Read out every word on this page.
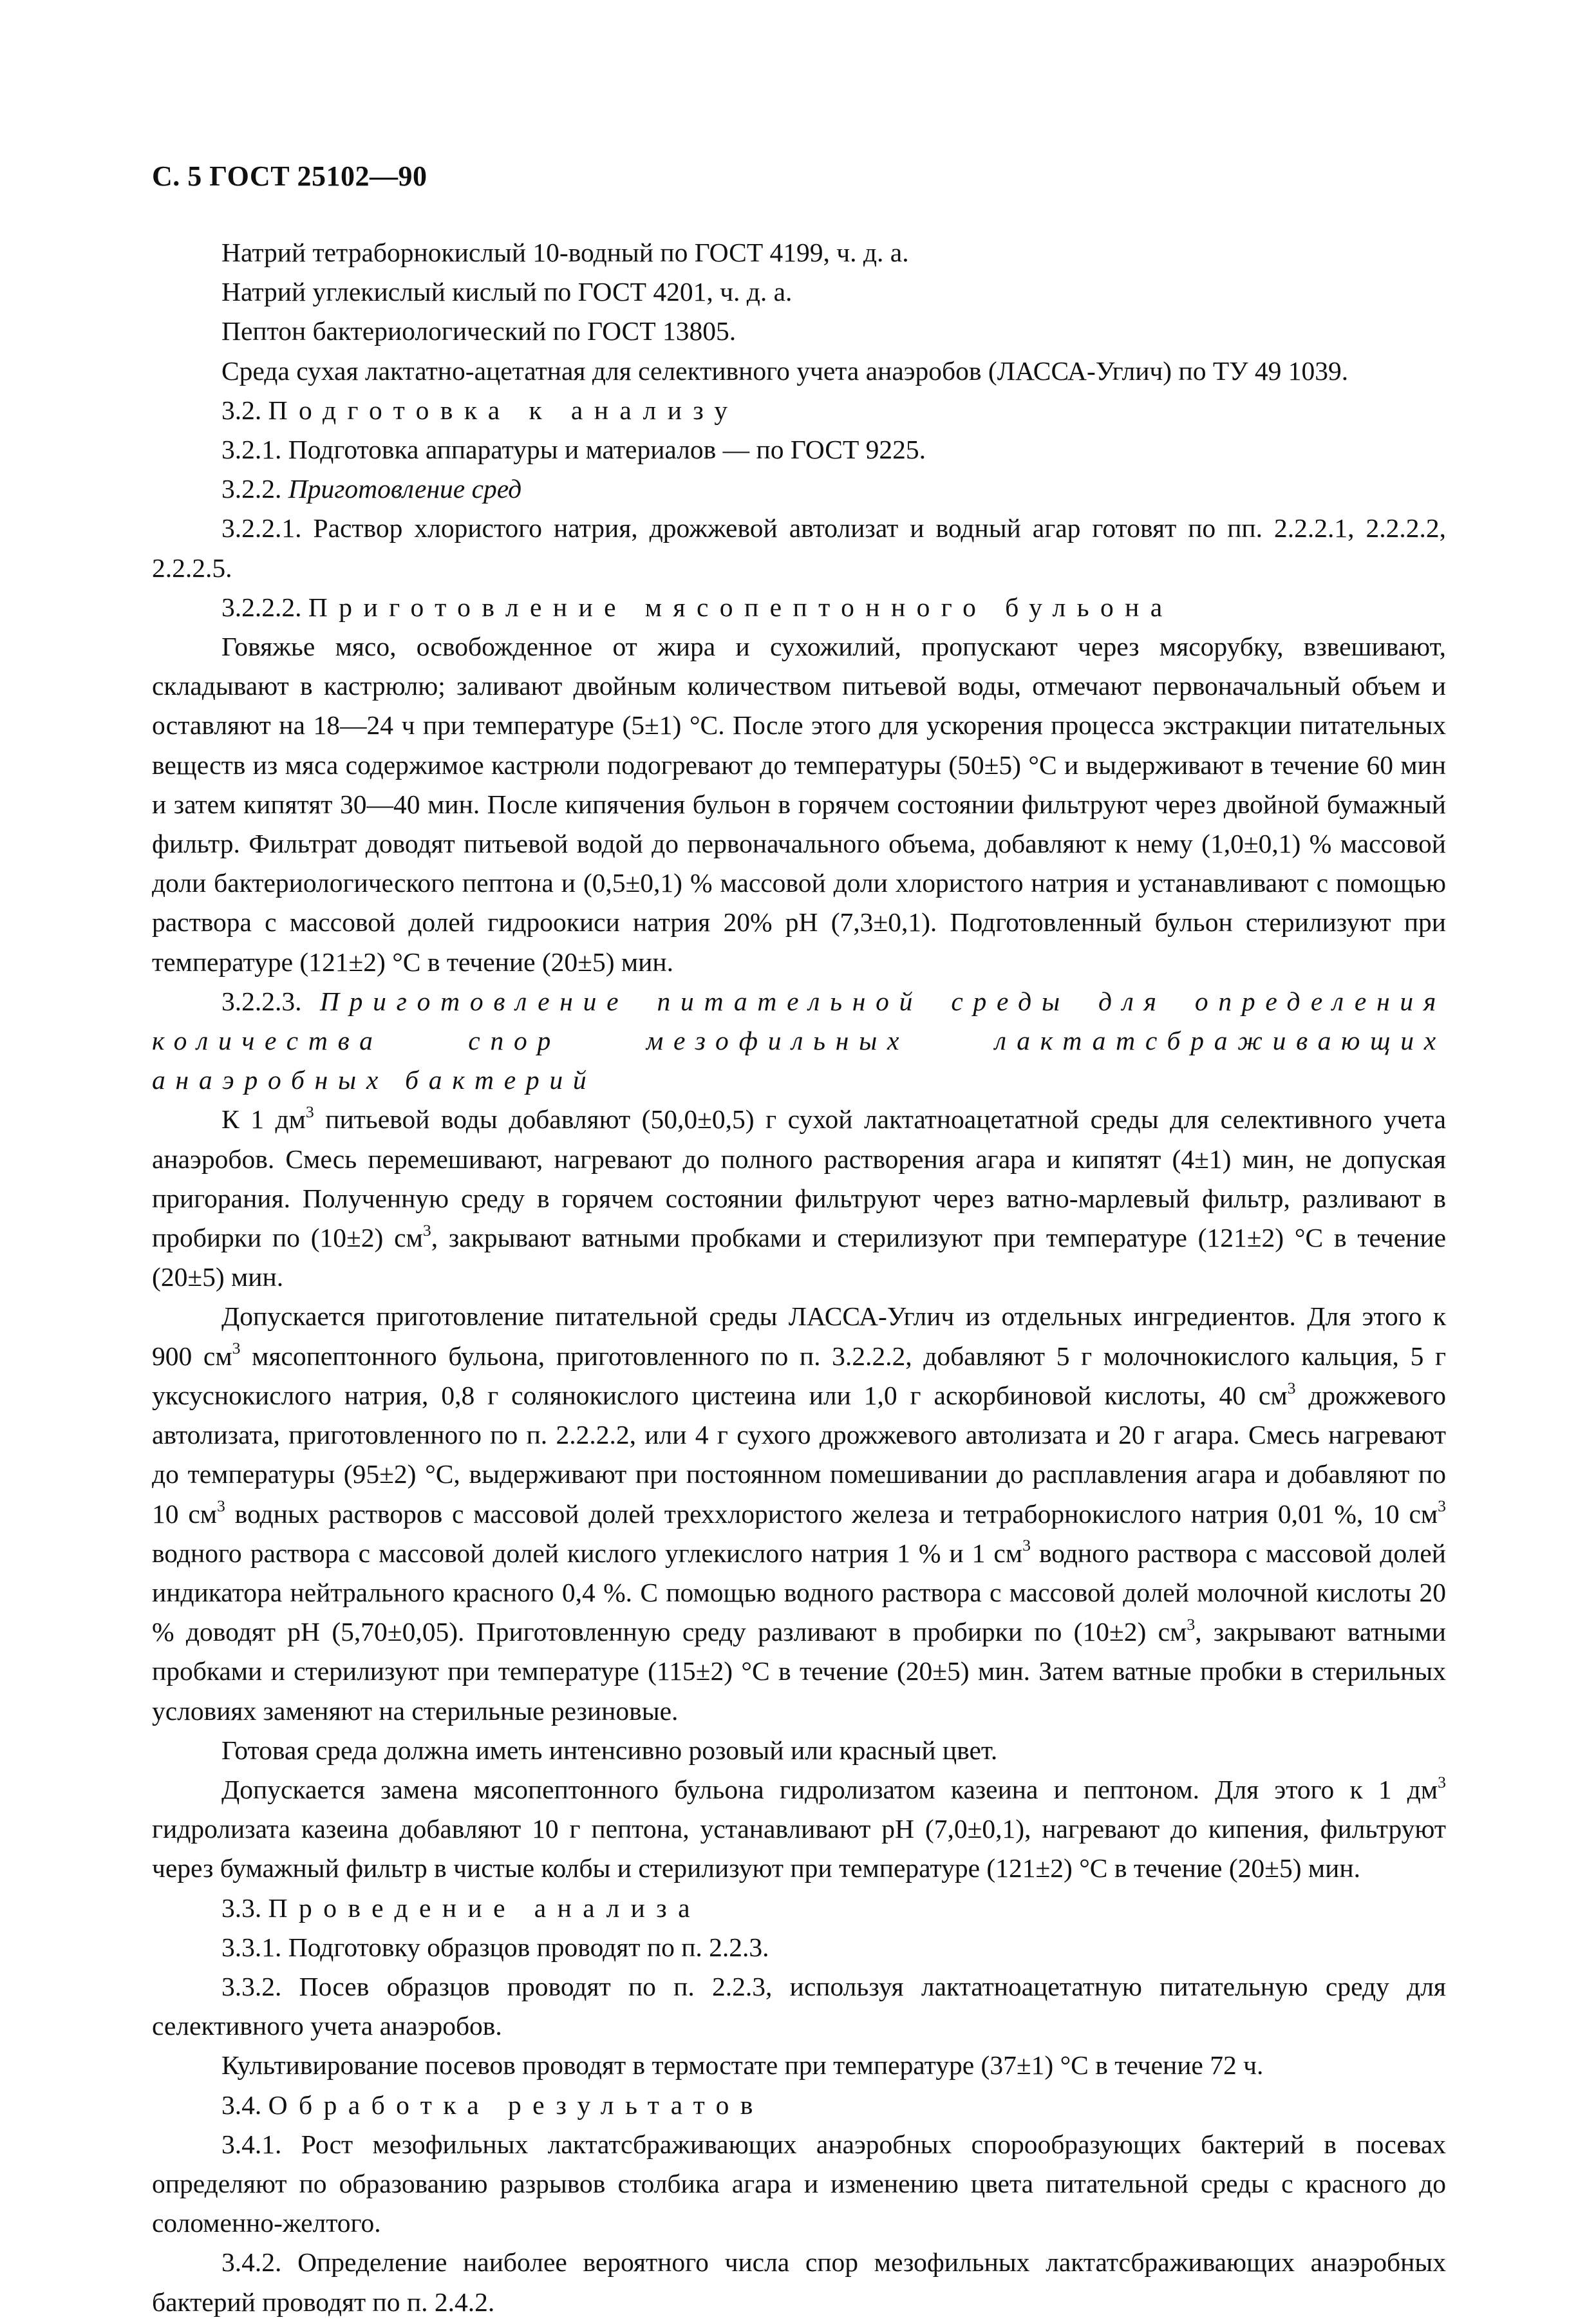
С. 5 ГОСТ 25102—90

Натрий тетраборнокислый 10-водный по ГОСТ 4199, ч. д. а.

Натрий углекислый кислый по ГОСТ 4201, ч. д. а.

Пептон бактериологический по ГОСТ 13805.

Среда сухая лактатно-ацетатная для селективного учета анаэробов (ЛАССА-Углич) по ТУ 49 1039.

3.2. Подготовка к анализу

3.2.1. Подготовка аппаратуры и материалов — по ГОСТ 9225.

3.2.2. Приготовление сред

3.2.2.1. Раствор хлористого натрия, дрожжевой автолизат и водный агар готовят по пп. 2.2.2.1, 2.2.2.2, 2.2.2.5.

3.2.2.2. Приготовление мясопептонного бульона

Говяжье мясо, освобожденное от жира и сухожилий, пропускают через мясорубку, взвешивают, складывают в кастрюлю; заливают двойным количеством питьевой воды, отмечают первоначальный объем и оставляют на 18—24 ч при температуре (5±1) °С. После этого для ускорения процесса экстракции питательных веществ из мяса содержимое кастрюли подогревают до температуры (50±5) °С и выдерживают в течение 60 мин и затем кипятят 30—40 мин. После кипячения бульон в горячем состоянии фильтруют через двойной бумажный фильтр. Фильтрат доводят питьевой водой до первоначального объема, добавляют к нему (1,0±0,1) % массовой доли бактериологического пептона и (0,5±0,1) % массовой доли хлористого натрия и устанавливают с помощью раствора с массовой долей гидроокиси натрия 20% рН (7,3±0,1). Подготовленный бульон стерилизуют при температуре (121±2) °С в течение (20±5) мин.

3.2.2.3. Приготовление питательной среды для определения количества спор мезофильных лактатсбраживающих анаэробных бактерий

К 1 $дм^3$ питьевой воды добавляют (50,0±0,5) г сухой лактатноацетатной среды для селективного учета анаэробов. Смесь перемешивают, нагревают до полного растворения агара и кипятят (4±1) мин, не допуская пригорания. Полученную среду в горячем состоянии фильтруют через ватно-марлевый фильтр, разливают в пробирки по (10±2) $см^3$, закрывают ватными пробками и стерилизуют при температуре (121±2) °С в течение (20±5) мин.

Допускается приготовление питательной среды ЛАССА-Углич из отдельных ингредиентов. Для этого к 900 $см^3$ мясопептонного бульона, приготовленного по п. 3.2.2.2, добавляют 5 г молочнокислого кальция, 5 г уксуснокислого натрия, 0,8 г солянокислого цистеина или 1,0 г аскорбиновой кислоты, 40 $см^3$ дрожжевого автолизата, приготовленного по п. 2.2.2.2, или 4 г сухого дрожжевого автолизата и 20 г агара. Смесь нагревают до температуры (95±2) °С, выдерживают при постоянном помешивании до расплавления агара и добавляют по 10 $см^3$ водных растворов с массовой долей треххлористого железа и тетраборнокислого натрия 0,01 %, 10 $см^3$ водного раствора с массовой долей кислого углекислого натрия 1 % и 1 $см^3$ водного раствора с массовой долей индикатора нейтрального красного 0,4 %. С помощью водного раствора с массовой долей молочной кислоты 20 % доводят рН (5,70±0,05). Приготовленную среду разливают в пробирки по (10±2) $см^3$, закрывают ватными пробками и стерилизуют при температуре (115±2) °С в течение (20±5) мин. Затем ватные пробки в стерильных условиях заменяют на стерильные резиновые.

Готовая среда должна иметь интенсивно розовый или красный цвет.

Допускается замена мясопептонного бульона гидролизатом казеина и пептоном. Для этого к 1 $дм^3$ гидролизата казеина добавляют 10 г пептона, устанавливают рН (7,0±0,1), нагревают до кипения, фильтруют через бумажный фильтр в чистые колбы и стерилизуют при температуре (121±2) °С в течение (20±5) мин.

3.3. Проведение анализа

3.3.1. Подготовку образцов проводят по п. 2.2.3.

3.3.2. Посев образцов проводят по п. 2.2.3, используя лактатноацетатную питательную среду для селективного учета анаэробов.

Культивирование посевов проводят в термостате при температуре (37±1) °С в течение 72 ч.

3.4. Обработка результатов

3.4.1. Рост мезофильных лактатсбраживающих анаэробных спорообразующих бактерий в посевах определяют по образованию разрывов столбика агара и изменению цвета питательной среды с красного до соломенно-желтого.

3.4.2. Определение наиболее вероятного числа спор мезофильных лактатсбраживающих анаэробных бактерий проводят по п. 2.4.2.
